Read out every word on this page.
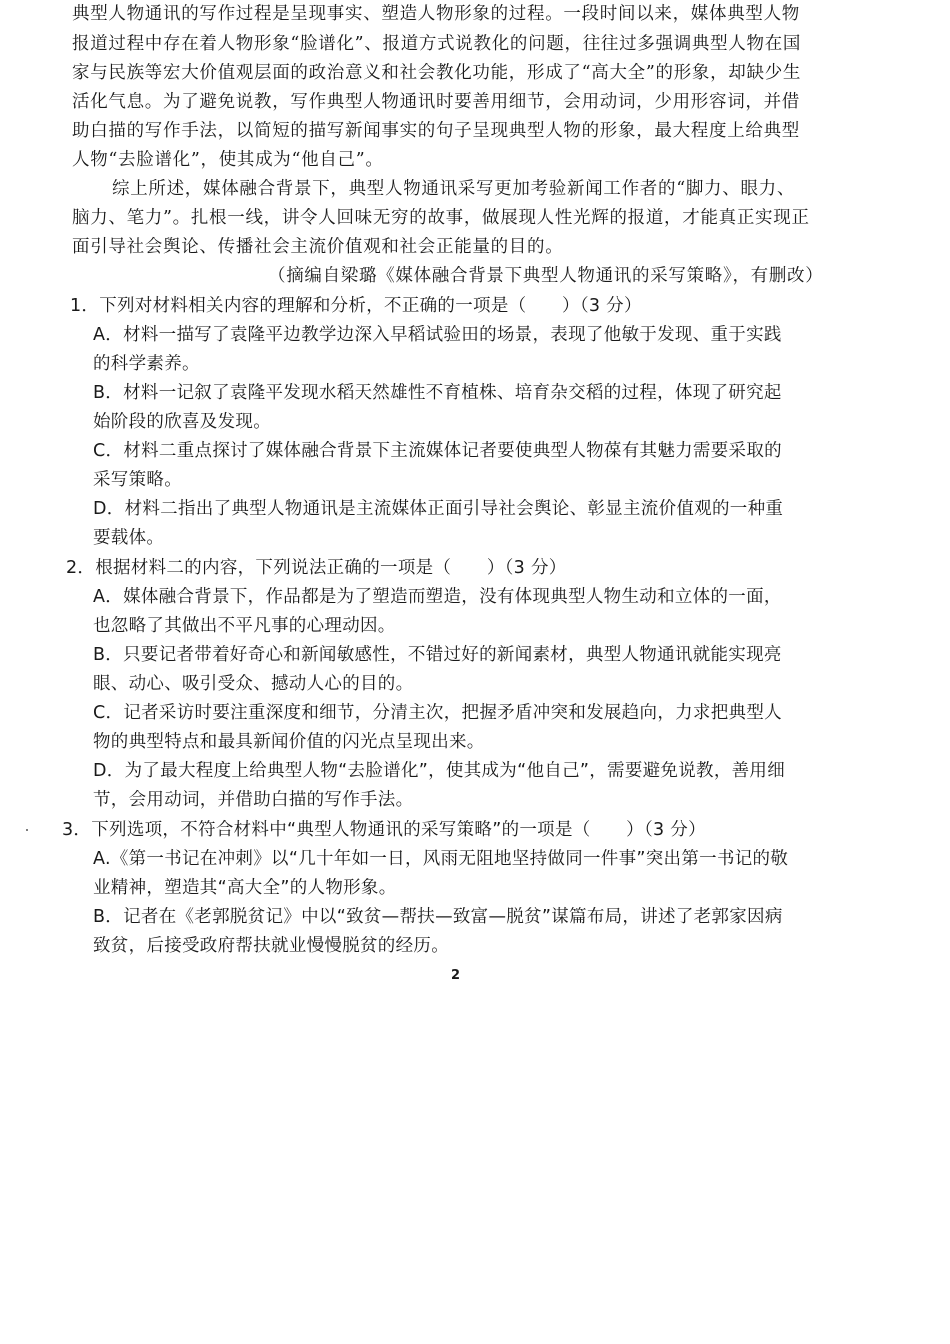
典型人物通讯的写作过程是呈现事实、塑造人物形象的过程。一段时间以来，媒体典型人物
报道过程中存在着人物形象“脸谱化”、报道方式说教化的问题，往往过多强调典型人物在国
家与民族等宏大价值观层面的政治意义和社会教化功能，形成了“高大全”的形象，却缺少生
活化气息。为了避免说教，写作典型人物通讯时要善用细节，会用动词，少用形容词，并借
助白描的写作手法，以简短的描写新闻事实的句子呈现典型人物的形象，最大程度上给典型
人物“去脸谱化”，使其成为“他自己”。
综上所述，媒体融合背景下，典型人物通讯采写更加考验新闻工作者的“脚力、眼力、
脑力、笔力”。扎根一线，讲令人回味无穷的故事，做展现人性光辉的报道，才能真正实现正
面引导社会舆论、传播社会主流价值观和社会正能量的目的。
（摘编自梁璐《媒体融合背景下典型人物通讯的采写策略》，有删改）
1．下列对材料相关内容的理解和分析，不正确的一项是（　　）（3 分）
A．材料一描写了袁隆平边教学边深入早稻试验田的场景，表现了他敏于发现、重于实践
的科学素养。
B．材料一记叙了袁隆平发现水稻天然雄性不育植株、培育杂交稻的过程，体现了研究起
始阶段的欣喜及发现。
C．材料二重点探讨了媒体融合背景下主流媒体记者要使典型人物葆有其魅力需要采取的
采写策略。
D．材料二指出了典型人物通讯是主流媒体正面引导社会舆论、彰显主流价值观的一种重
要载体。
2．根据材料二的内容，下列说法正确的一项是（　　）（3 分）
A．媒体融合背景下，作品都是为了塑造而塑造，没有体现典型人物生动和立体的一面，
也忽略了其做出不平凡事的心理动因。
B．只要记者带着好奇心和新闻敏感性，不错过好的新闻素材，典型人物通讯就能实现亮
眼、动心、吸引受众、撼动人心的目的。
C．记者采访时要注重深度和细节，分清主次，把握矛盾冲突和发展趋向，力求把典型人
物的典型特点和最具新闻价值的闪光点呈现出来。
D．为了最大程度上给典型人物“去脸谱化”，使其成为“他自己”，需要避免说教，善用细
节，会用动词，并借助白描的写作手法。
3．下列选项，不符合材料中“典型人物通讯的采写策略”的一项是（　　）（3 分）
A.《第一书记在冲刺》以“几十年如一日，风雨无阻地坚持做同一件事”突出第一书记的敬
业精神，塑造其“高大全”的人物形象。
B．记者在《老郭脱贫记》中以“致贫—帮扶—致富—脱贫”谋篇布局，讲述了老郭家因病
致贫，后接受政府帮扶就业慢慢脱贫的经历。
2
